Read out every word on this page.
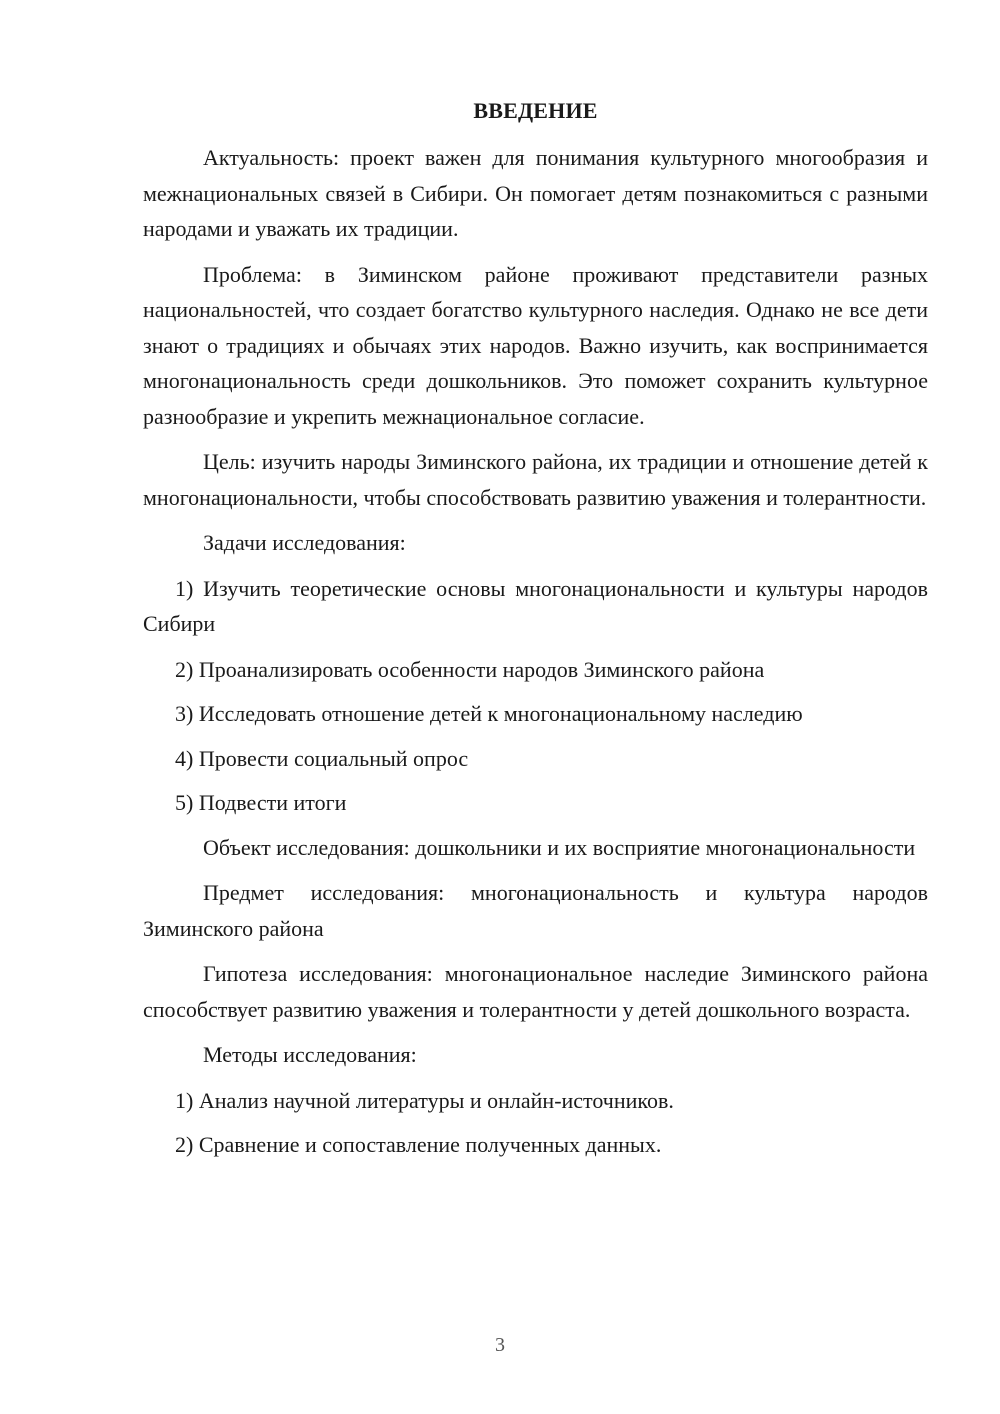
ВВЕДЕНИЕ

Актуальность: проект важен для понимания культурного многообразия и межнациональных связей в Сибири. Он помогает детям познакомиться с разными народами и уважать их традиции.

Проблема: в Зиминском районе проживают представители разных национальностей, что создает богатство культурного наследия. Однако не все дети знают о традициях и обычаях этих народов. Важно изучить, как воспринимается многонациональность среди дошкольников. Это поможет сохранить культурное разнообразие и укрепить межнациональное согласие.

Цель: изучить народы Зиминского района, их традиции и отношение детей к многонациональности, чтобы способствовать развитию уважения и толерантности.

Задачи исследования:

1) Изучить теоретические основы многонациональности и культуры народов Сибири

2) Проанализировать особенности народов Зиминского района

3) Исследовать отношение детей к многонациональному наследию

4) Провести социальный опрос

5) Подвести итоги

Объект исследования: дошкольники и их восприятие многонациональности

Предмет исследования: многонациональность и культура народов Зиминского района

Гипотеза исследования: многонациональное наследие Зиминского района способствует развитию уважения и толерантности у детей дошкольного возраста.

Методы исследования:

1) Анализ научной литературы и онлайн-источников.

2) Сравнение и сопоставление полученных данных.

3
